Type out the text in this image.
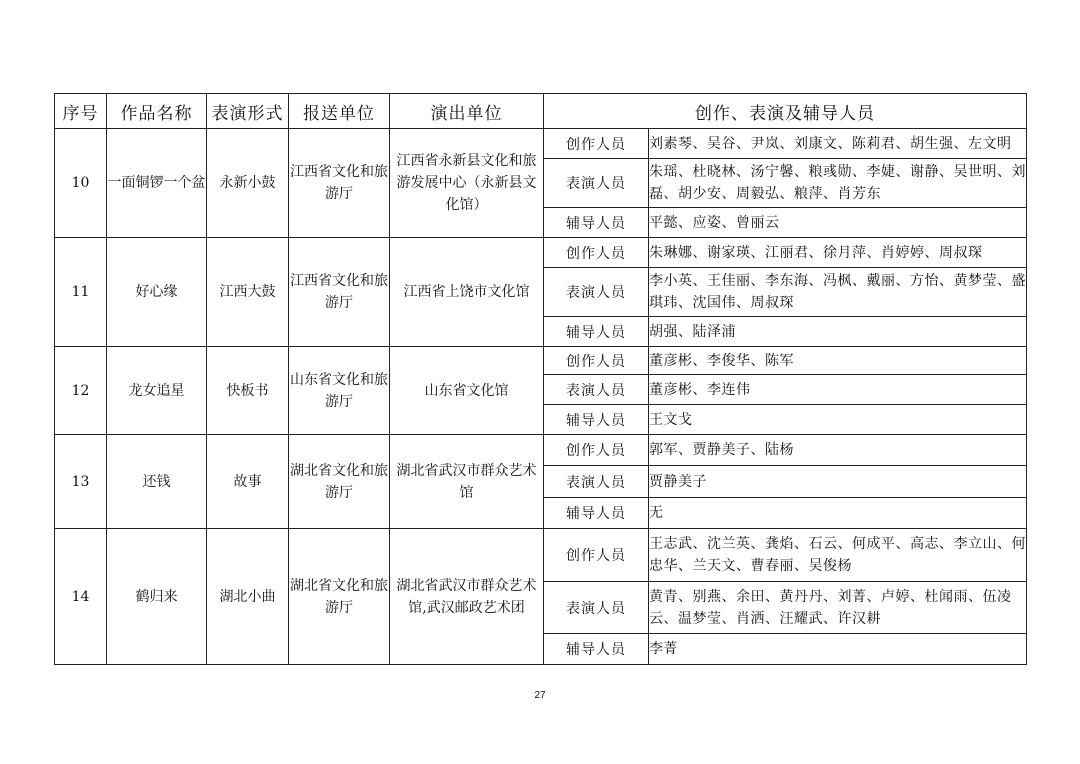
序号	作品名称	表演形式	报送单位	演出单位	创作、表演及辅导人员	
10	一面铜锣一个盆	永新小鼓	江西省文化和旅游厅	江西省永新县文化和旅游发展中心（永新县文化馆）	创作人员	刘素琴、吴谷、尹岚、刘康文、陈莉君、胡生强、左文明
					表演人员	朱瑶、杜晓林、汤宁馨、粮彧勋、李婕、谢静、吴世明、刘磊、胡少安、周毅弘、粮萍、肖芳东
					辅导人员	平懿、应姿、曾丽云
11	好心缘	江西大鼓	江西省文化和旅游厅	江西省上饶市文化馆	创作人员	朱琳娜、谢家瑛、江丽君、徐月萍、肖婷婷、周叔琛
					表演人员	李小英、王佳丽、李东海、冯枫、戴丽、方怡、黄梦莹、盛琪玮、沈国伟、周叔琛
					辅导人员	胡强、陆泽浦
12	龙女追星	快板书	山东省文化和旅游厅	山东省文化馆	创作人员	董彦彬、李俊华、陈军
					表演人员	董彦彬、李连伟
					辅导人员	王文戈
13	还钱	故事	湖北省文化和旅游厅	湖北省武汉市群众艺术馆	创作人员	郭军、贾静美子、陆杨
					表演人员	贾静美子
					辅导人员	无
14	鹤归来	湖北小曲	湖北省文化和旅游厅	湖北省武汉市群众艺术馆,武汉邮政艺术团	创作人员	王志武、沈兰英、龚焰、石云、何成平、高志、李立山、何忠华、兰天文、曹春丽、吴俊杨
					表演人员	黄青、别燕、余田、黄丹丹、刘菁、卢婷、杜闻雨、伍凌云、温梦莹、肖洒、汪耀武、许汉耕
					辅导人员	李菁
27
